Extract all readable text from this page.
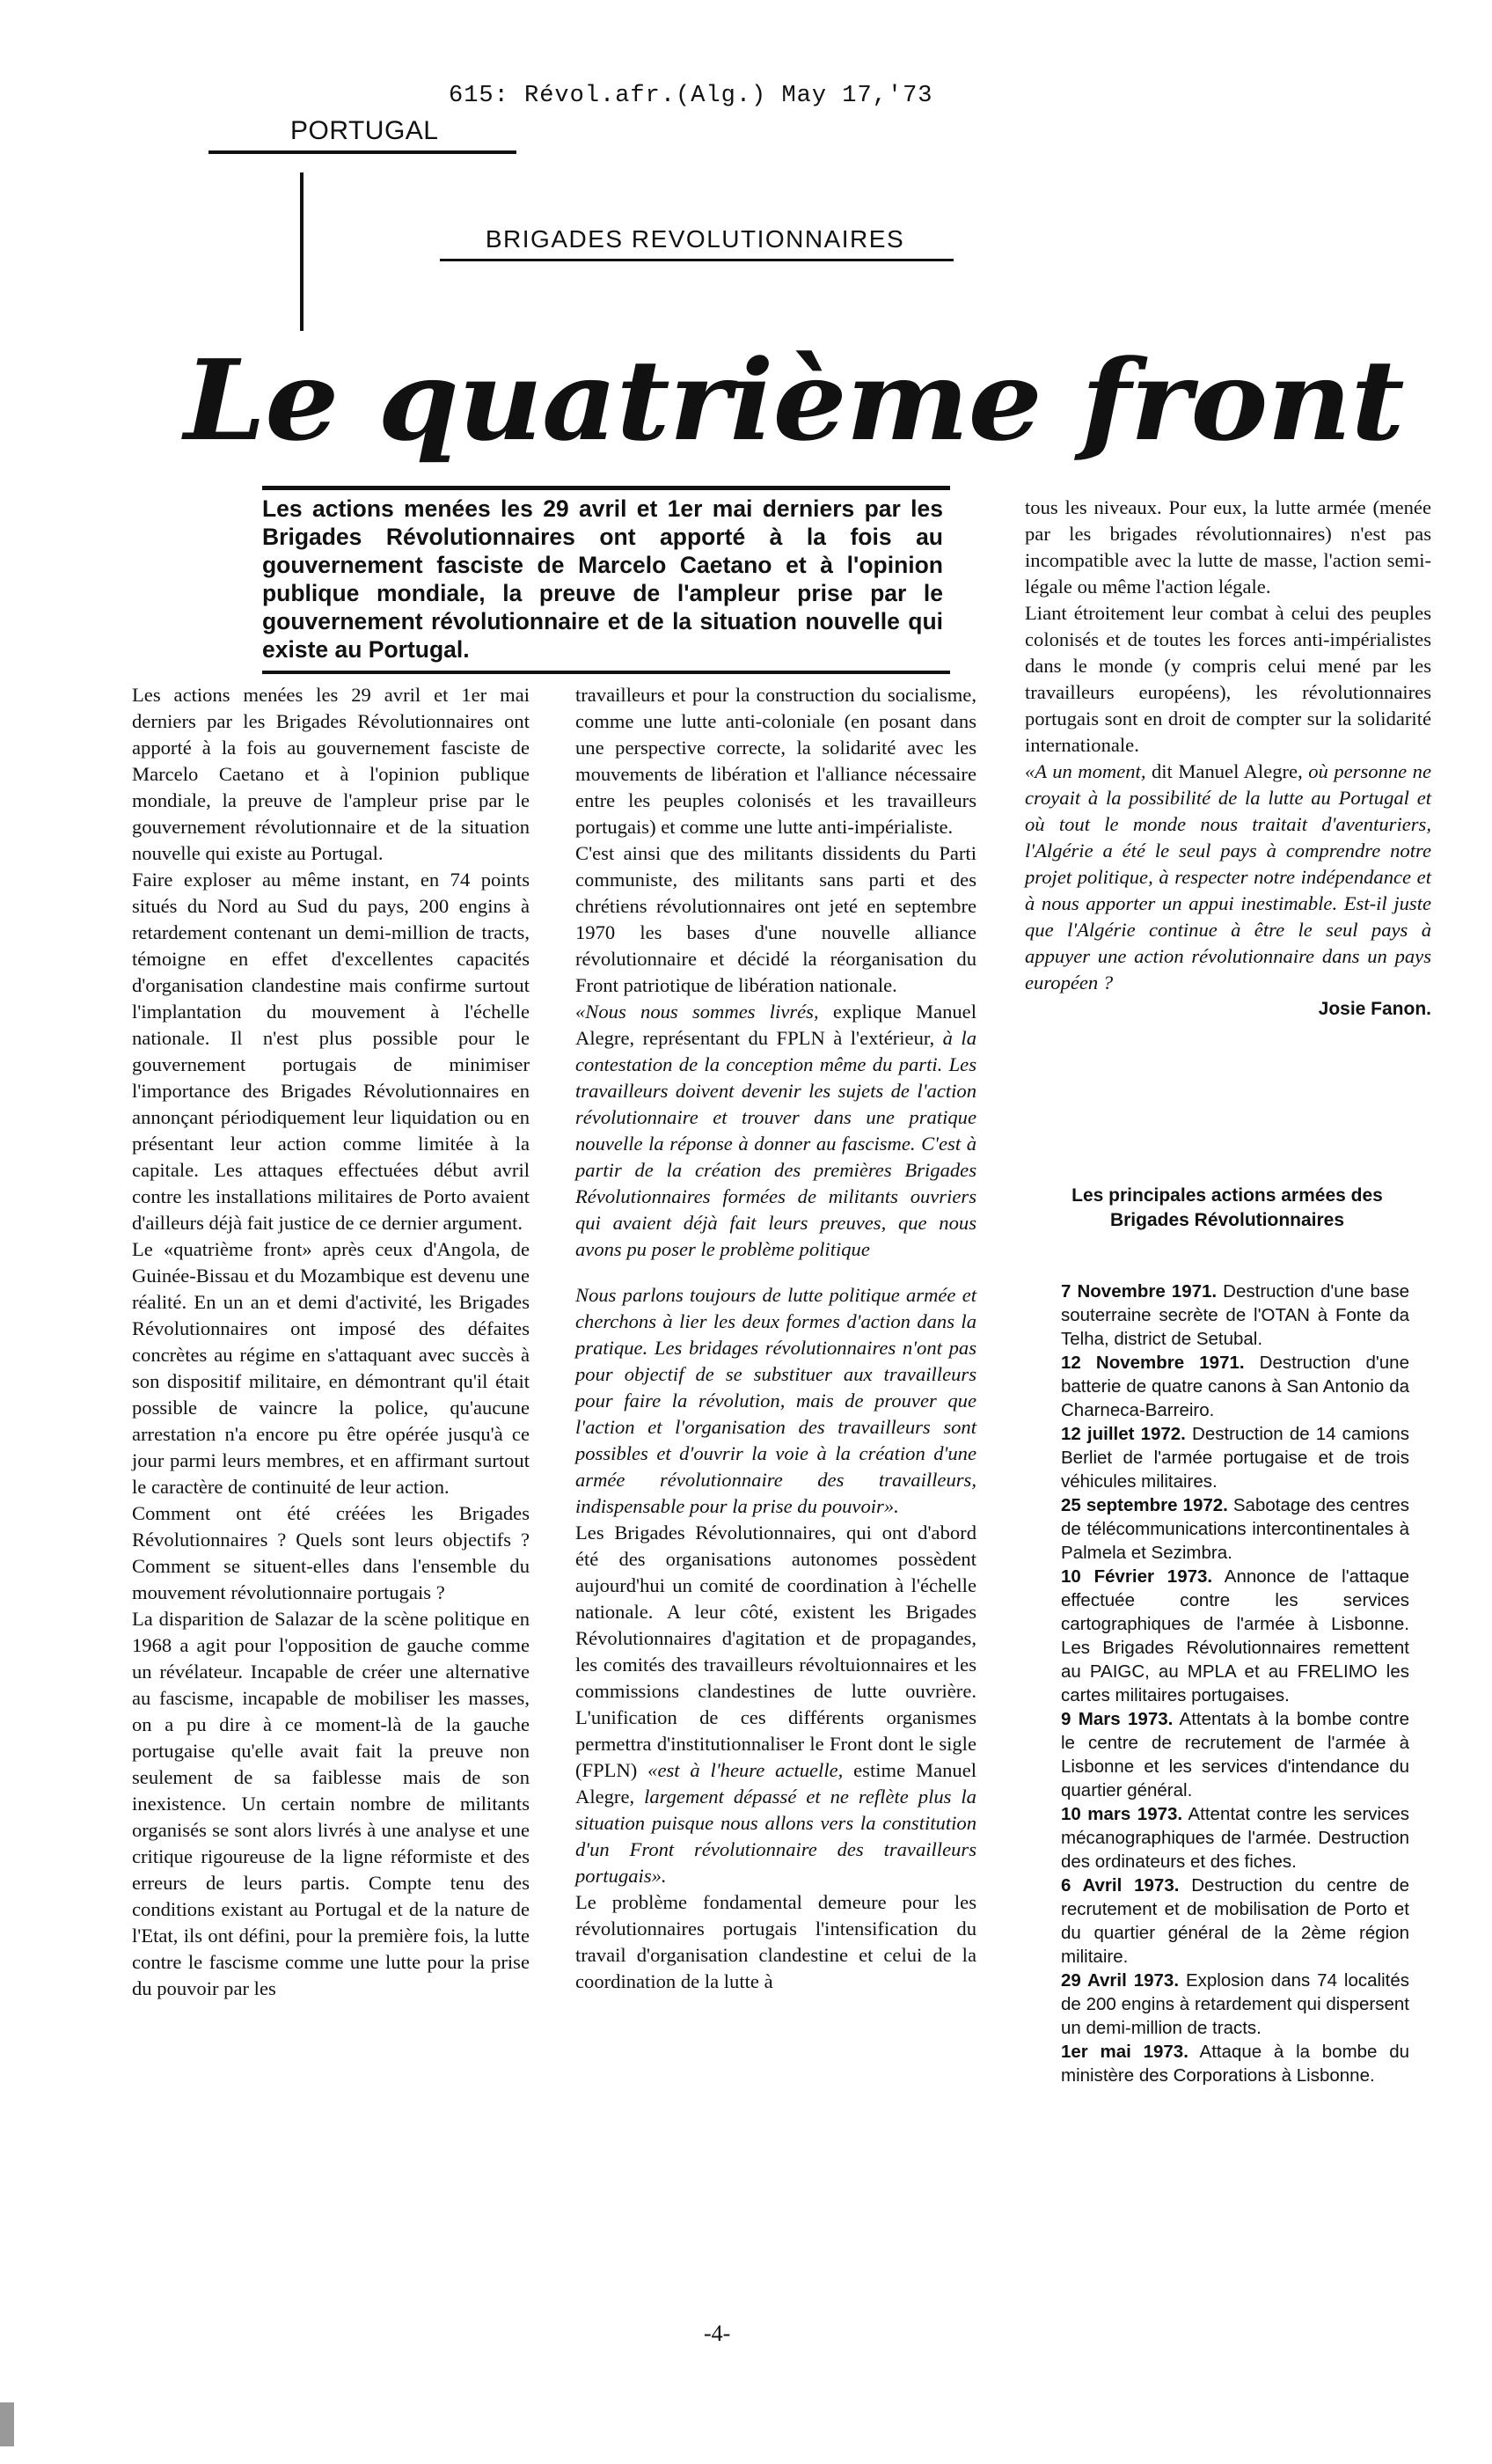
615: Révol.afr.(Alg.) May 17,'73
PORTUGAL
BRIGADES REVOLUTIONNAIRES
Le quatrième front
Les actions menées les 29 avril et 1er mai derniers par les Brigades Révolutionnaires ont apporté à la fois au gouvernement fasciste de Marcelo Caetano et à l'opinion publique mondiale, la preuve de l'ampleur prise par le gouvernement révolutionnaire et de la situation nouvelle qui existe au Portugal.

Les actions menées les 29 avril et 1er mai derniers par les Brigades Révolutionnaires ont apporté à la fois au gouvernement fasciste de Marcelo Caetano et à l'opinion publique mondiale, la preuve de l'ampleur prise par le gouvernement révolutionnaire et de la situation nouvelle qui existe au Portugal.

Faire exploser au même instant, en 74 points situés du Nord au Sud du pays, 200 engins à retardement contenant un demi-million de tracts, témoigne en effet d'excellentes capacités d'organisation clandestine mais confirme surtout l'implantation du mouvement à l'échelle nationale. Il n'est plus possible pour le gouvernement portugais de minimiser l'importance des Brigades Révolutionnaires en annonçant périodiquement leur liquidation ou en présentant leur action comme limitée à la capitale. Les attaques effectuées début avril contre les installations militaires de Porto avaient d'ailleurs déjà fait justice de ce dernier argument.

Le «quatrième front» après ceux d'Angola, de Guinée-Bissau et du Mozambique est devenu une réalité. En un an et demi d'activité, les Brigades Révolutionnaires ont imposé des défaites concrètes au régime en s'attaquant avec succès à son dispositif militaire, en démontrant qu'il était possible de vaincre la police, qu'aucune arrestation n'a encore pu être opérée jusqu'à ce jour parmi leurs membres, et en affirmant surtout le caractère de continuité de leur action.

Comment ont été créées les Brigades Révolutionnaires ? Quels sont leurs objectifs ? Comment se situent-elles dans l'ensemble du mouvement révolutionnaire portugais ?

La disparition de Salazar de la scène politique en 1968 a agit pour l'opposition de gauche comme un révélateur. Incapable de créer une alternative au fascisme, incapable de mobiliser les masses, on a pu dire à ce moment-là de la gauche portugaise qu'elle avait fait la preuve non seulement de sa faiblesse mais de son inexistence. Un certain nombre de militants organisés se sont alors livrés à une analyse et une critique rigoureuse de la ligne réformiste et des erreurs de leurs partis. Compte tenu des conditions existant au Portugal et de la nature de l'Etat, ils ont défini, pour la première fois, la lutte contre le fascisme comme une lutte pour la prise du pouvoir par les

travailleurs et pour la construction du socialisme, comme une lutte anti-coloniale (en posant dans une perspective correcte, la solidarité avec les mouvements de libération et l'alliance nécessaire entre les peuples colonisés et les travailleurs portugais) et comme une lutte anti-impérialiste.

C'est ainsi que des militants dissidents du Parti communiste, des militants sans parti et des chrétiens révolutionnaires ont jeté en septembre 1970 les bases d'une nouvelle alliance révolutionnaire et décidé la réorganisation du Front patriotique de libération nationale.

«Nous nous sommes livrés, explique Manuel Alegre, représentant du FPLN à l'extérieur, à la contestation de la conception même du parti. Les travailleurs doivent devenir les sujets de l'action révolutionnaire et trouver dans une pratique nouvelle la réponse à donner au fascisme. C'est à partir de la création des premières Brigades Révolutionnaires formées de militants ouvriers qui avaient déjà fait leurs preuves, que nous avons pu poser le problème politique

Nous parlons toujours de lutte politique armée et cherchons à lier les deux formes d'action dans la pratique. Les bridages révolutionnaires n'ont pas pour objectif de se substituer aux travailleurs pour faire la révolution, mais de prouver que l'action et l'organisation des travailleurs sont possibles et d'ouvrir la voie à la création d'une armée révolutionnaire des travailleurs, indispensable pour la prise du pouvoir».

Les Brigades Révolutionnaires, qui ont d'abord été des organisations autonomes possèdent aujourd'hui un comité de coordination à l'échelle nationale. A leur côté, existent les Brigades Révolutionnaires d'agitation et de propagandes, les comités des travailleurs révoltuionnaires et les commissions clandestines de lutte ouvrière. L'unification de ces différents organismes permettra d'institutionnaliser le Front dont le sigle (FPLN) «est à l'heure actuelle, estime Manuel Alegre, largement dépassé et ne reflète plus la situation puisque nous allons vers la constitution d'un Front révolutionnaire des travailleurs portugais».

Le problème fondamental demeure pour les révolutionnaires portugais l'intensification du travail d'organisation clandestine et celui de la coordination de la lutte à

tous les niveaux. Pour eux, la lutte armée (menée par les brigades révolutionnaires) n'est pas incompatible avec la lutte de masse, l'action semi-légale ou même l'action légale.

Liant étroitement leur combat à celui des peuples colonisés et de toutes les forces anti-impérialistes dans le monde (y compris celui mené par les travailleurs européens), les révolutionnaires portugais sont en droit de compter sur la solidarité internationale.

«A un moment, dit Manuel Alegre, où personne ne croyait à la possibilité de la lutte au Portugal et où tout le monde nous traitait d'aventuriers, l'Algérie a été le seul pays à comprendre notre projet politique, à respecter notre indépendance et à nous apporter un appui inestimable. Est-il juste que l'Algérie continue à être le seul pays à appuyer une action révolutionnaire dans un pays européen ?

Josie Fanon.

Les principales actions armées des Brigades Révolutionnaires

7 Novembre 1971. Destruction d'une base souterraine secrète de l'OTAN à Fonte da Telha, district de Setubal.

12 Novembre 1971. Destruction d'une batterie de quatre canons à San Antonio da Charneca-Barreiro.

12 juillet 1972. Destruction de 14 camions Berliet de l'armée portugaise et de trois véhicules militaires.

25 septembre 1972. Sabotage des centres de télécommunications intercontinentales à Palmela et Sezimbra.

10 Février 1973. Annonce de l'attaque effectuée contre les services cartographiques de l'armée à Lisbonne. Les Brigades Révolutionnaires remettent au PAIGC, au MPLA et au FRELIMO les cartes militaires portugaises.

9 Mars 1973. Attentats à la bombe contre le centre de recrutement de l'armée à Lisbonne et les services d'intendance du quartier général.

10 mars 1973. Attentat contre les services mécanographiques de l'armée. Destruction des ordinateurs et des fiches.

6 Avril 1973. Destruction du centre de recrutement et de mobilisation de Porto et du quartier général de la 2ème région militaire.

29 Avril 1973. Explosion dans 74 localités de 200 engins à retardement qui dispersent un demi-million de tracts.

1er mai 1973. Attaque à la bombe du ministère des Corporations à Lisbonne.

-4-
